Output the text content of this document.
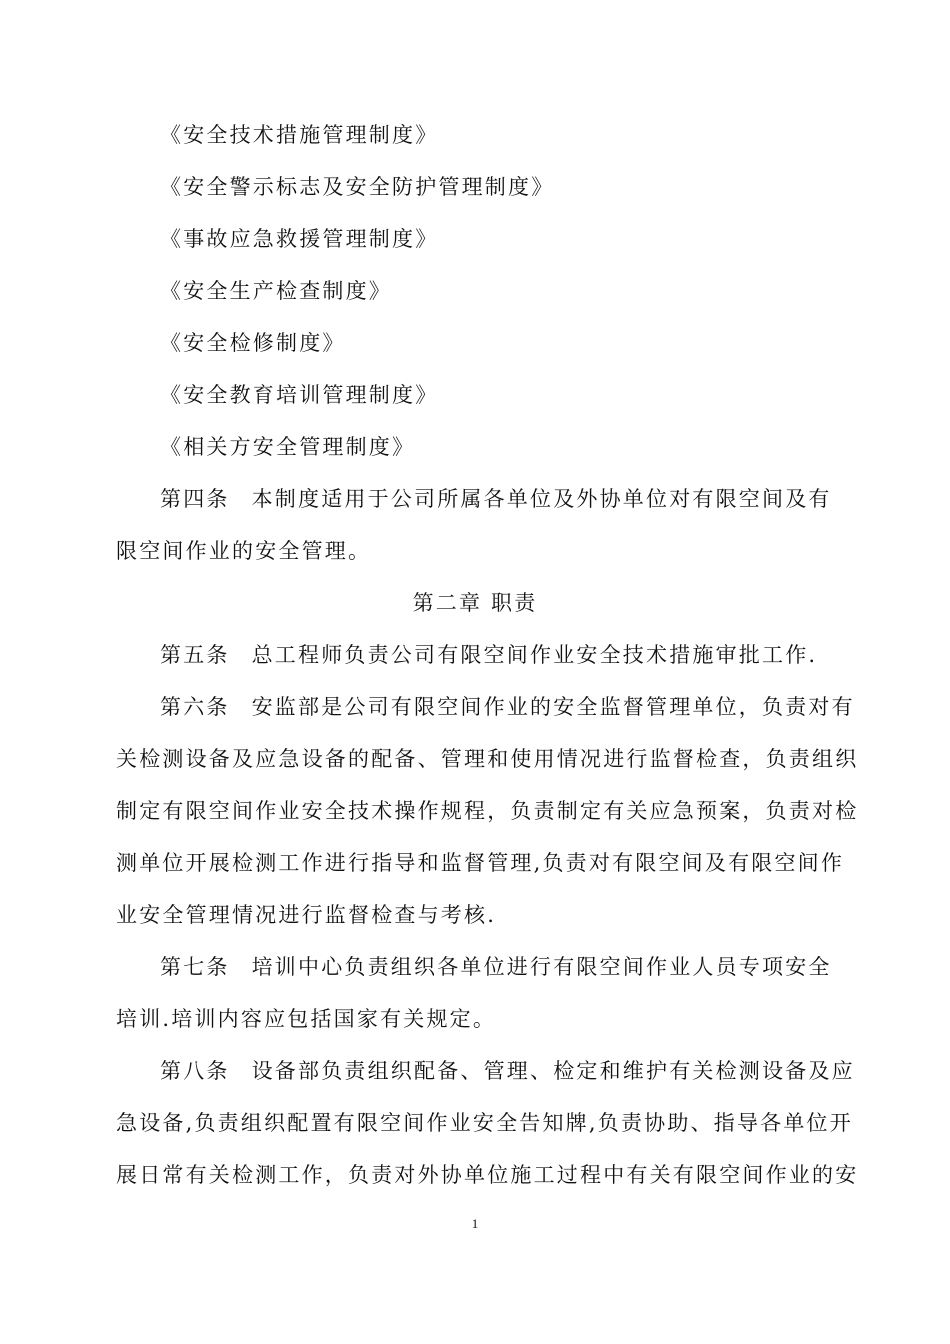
《安全技术措施管理制度》
《安全警示标志及安全防护管理制度》
《事故应急救援管理制度》
《安全生产检查制度》
《安全检修制度》
《安全教育培训管理制度》
《相关方安全管理制度》
第四条 本制度适用于公司所属各单位及外协单位对有限空间及有
限空间作业的安全管理。
第二章 职责
第五条 总工程师负责公司有限空间作业安全技术措施审批工作.
第六条 安监部是公司有限空间作业的安全监督管理单位，负责对有
关检测设备及应急设备的配备、管理和使用情况进行监督检查，负责组织
制定有限空间作业安全技术操作规程，负责制定有关应急预案，负责对检
测单位开展检测工作进行指导和监督管理,负责对有限空间及有限空间作
业安全管理情况进行监督检查与考核.
第七条 培训中心负责组织各单位进行有限空间作业人员专项安全
培训.培训内容应包括国家有关规定。
第八条 设备部负责组织配备、管理、检定和维护有关检测设备及应
急设备,负责组织配置有限空间作业安全告知牌,负责协助、指导各单位开
展日常有关检测工作，负责对外协单位施工过程中有关有限空间作业的安
1
